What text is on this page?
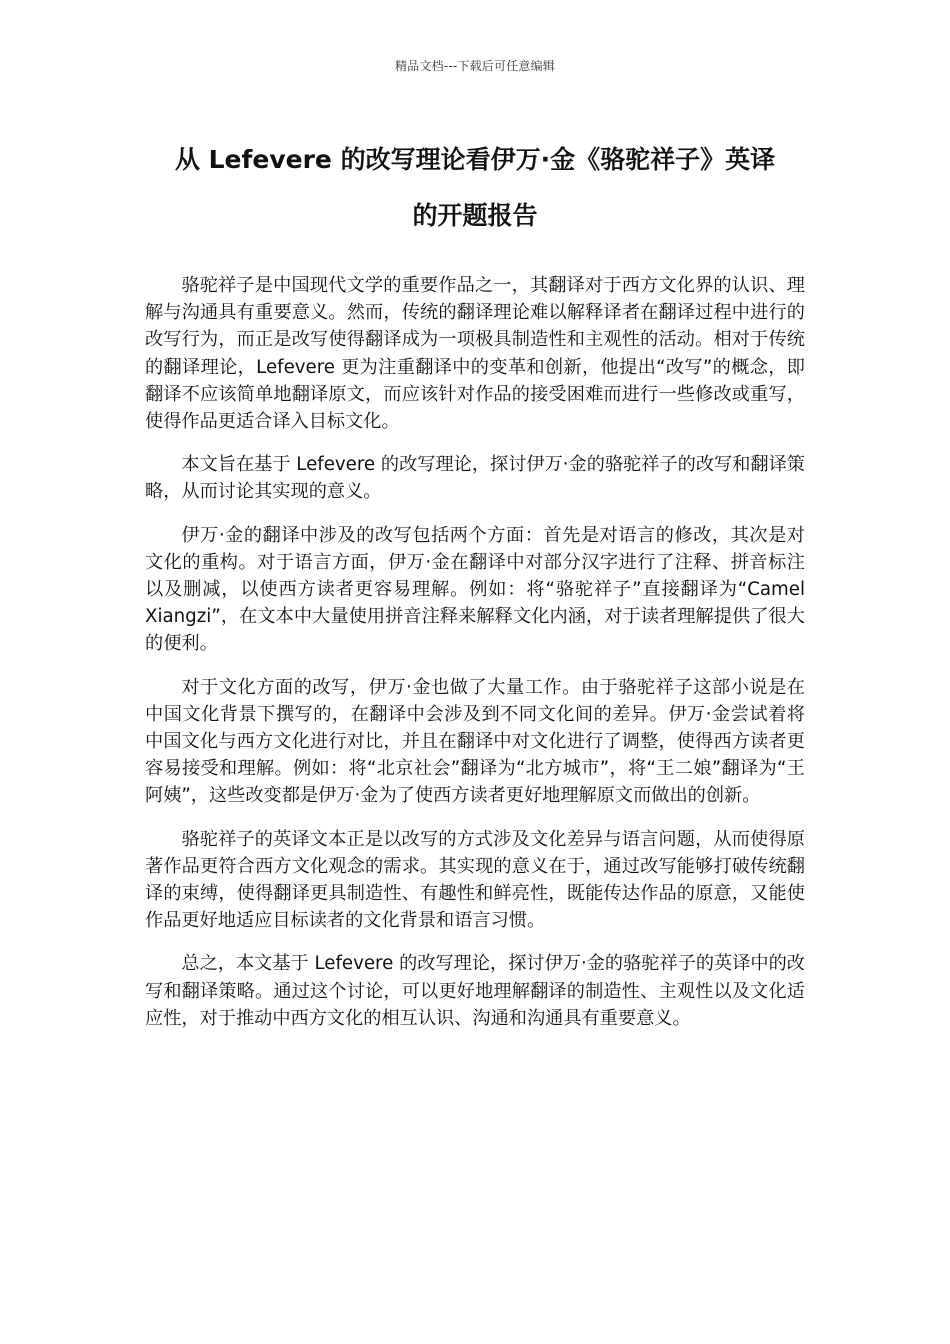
精品文档---下载后可任意编辑
从 Lefevere 的改写理论看伊万·金《骆驼祥子》英译
的开题报告

骆驼祥子是中国现代文学的重要作品之一，其翻译对于西方文化界的认识、理解与沟通具有重要意义。然而，传统的翻译理论难以解释译者在翻译过程中进行的改写行为，而正是改写使得翻译成为一项极具制造性和主观性的活动。相对于传统的翻译理论，Lefevere 更为注重翻译中的变革和创新，他提出“改写”的概念，即翻译不应该简单地翻译原文，而应该针对作品的接受困难而进行一些修改或重写，使得作品更适合译入目标文化。

本文旨在基于 Lefevere 的改写理论，探讨伊万·金的骆驼祥子的改写和翻译策略，从而讨论其实现的意义。

伊万·金的翻译中涉及的改写包括两个方面：首先是对语言的修改，其次是对文化的重构。对于语言方面，伊万·金在翻译中对部分汉字进行了注释、拼音标注以及删减，以使西方读者更容易理解。例如：将“骆驼祥子”直接翻译为“Camel Xiangzi”，在文本中大量使用拼音注释来解释文化内涵，对于读者理解提供了很大的便利。

对于文化方面的改写，伊万·金也做了大量工作。由于骆驼祥子这部小说是在中国文化背景下撰写的，在翻译中会涉及到不同文化间的差异。伊万·金尝试着将中国文化与西方文化进行对比，并且在翻译中对文化进行了调整，使得西方读者更容易接受和理解。例如：将“北京社会”翻译为“北方城市”，将“王二娘”翻译为“王阿姨”，这些改变都是伊万·金为了使西方读者更好地理解原文而做出的创新。

骆驼祥子的英译文本正是以改写的方式涉及文化差异与语言问题，从而使得原著作品更符合西方文化观念的需求。其实现的意义在于，通过改写能够打破传统翻译的束缚，使得翻译更具制造性、有趣性和鲜亮性，既能传达作品的原意，又能使作品更好地适应目标读者的文化背景和语言习惯。

总之，本文基于 Lefevere 的改写理论，探讨伊万·金的骆驼祥子的英译中的改写和翻译策略。通过这个讨论，可以更好地理解翻译的制造性、主观性以及文化适应性，对于推动中西方文化的相互认识、沟通和沟通具有重要意义。
